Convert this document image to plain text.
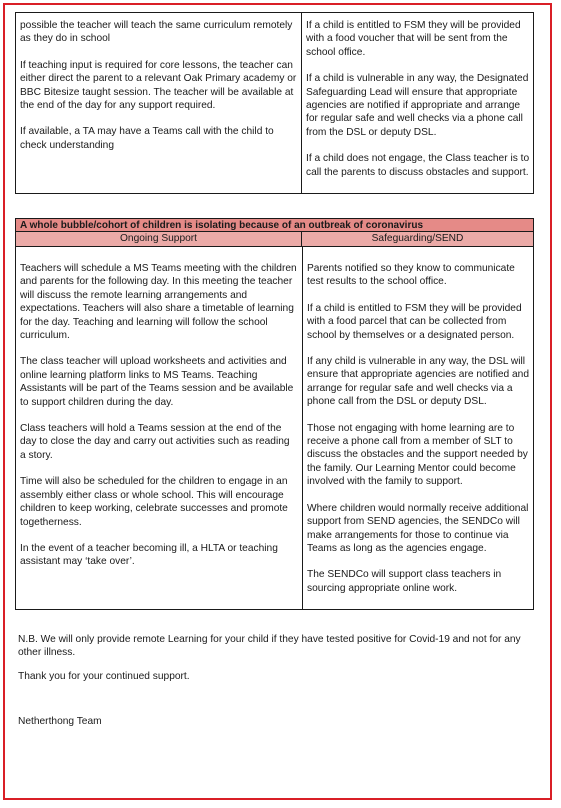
possible the teacher will teach the same curriculum remotely as they do in school

If teaching input is required for core lessons, the teacher can either direct the parent to a relevant Oak Primary academy or BBC Bitesize taught session. The teacher will be available at the end of the day for any support required.

If available, a TA may have a Teams call with the child to check understanding

If a child is entitled to FSM they will be provided with a food voucher that will be sent from the school office.

If a child is vulnerable in any way, the Designated Safeguarding Lead will ensure that appropriate agencies are notified if appropriate and arrange for regular safe and well checks via a phone call from the DSL or deputy DSL.

If a child does not engage, the Class teacher is to call the parents to discuss obstacles and support.

A whole bubble/cohort of children is isolating because of an outbreak of coronavirus
Ongoing Support	Safeguarding/SEND

Teachers will schedule a MS Teams meeting with the children and parents for the following day. In this meeting the teacher will discuss the remote learning arrangements and expectations. Teachers will also share a timetable of learning for the day. Teaching and learning will follow the school curriculum.

The class teacher will upload worksheets and activities and online learning platform links to MS Teams. Teaching Assistants will be part of the Teams session and be available to support children during the day.

Class teachers will hold a Teams session at the end of the day to close the day and carry out activities such as reading a story.

Time will also be scheduled for the children to engage in an assembly either class or whole school. This will encourage children to keep working, celebrate successes and promote togetherness.

In the event of a teacher becoming ill, a HLTA or teaching assistant may ‘take over’.

Parents notified so they know to communicate test results to the school office.

If a child is entitled to FSM they will be provided with a food parcel that can be collected from school by themselves or a designated person.

If any child is vulnerable in any way, the DSL will ensure that appropriate agencies are notified and arrange for regular safe and well checks via a phone call from the DSL or deputy DSL.

Those not engaging with home learning are to receive a phone call from a member of SLT to discuss the obstacles and the support needed by the family. Our Learning Mentor could become involved with the family to support.

Where children would normally receive additional support from SEND agencies, the SENDCo will make arrangements for those to continue via Teams as long as the agencies engage.

The SENDCo will support class teachers in sourcing appropriate online work.

N.B. We will only provide remote Learning for your child if they have tested positive for Covid-19 and not for any other illness.

Thank you for your continued support.

Netherthong Team
